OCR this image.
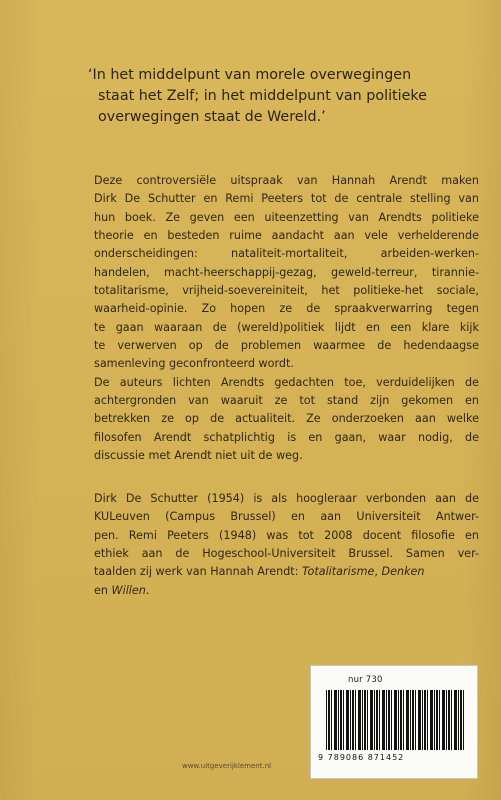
‘In het middelpunt van morele overwegingen
staat het Zelf; in het middelpunt van politieke
overwegingen staat de Wereld.’
Deze controversiële uitspraak van Hannah Arendt maken
Dirk De Schutter en Remi Peeters tot de centrale stelling van
hun boek. Ze geven een uiteenzetting van Arendts politieke
theorie en besteden ruime aandacht aan vele verhelderende
onderscheidingen: nataliteit-mortaliteit, arbeiden-werken-
handelen, macht-heerschappij-gezag, geweld-terreur, tirannie-
totalitarisme, vrijheid-soevereiniteit, het politieke-het sociale,
waarheid-opinie. Zo hopen ze de spraakverwarring tegen
te gaan waaraan de (wereld)politiek lijdt en een klare kijk
te verwerven op de problemen waarmee de hedendaagse
samenleving geconfronteerd wordt.
De auteurs lichten Arendts gedachten toe, verduidelijken de
achtergronden van waaruit ze tot stand zijn gekomen en
betrekken ze op de actualiteit. Ze onderzoeken aan welke
filosofen Arendt schatplichtig is en gaan, waar nodig, de
discussie met Arendt niet uit de weg.
Dirk De Schutter (1954) is als hoogleraar verbonden aan de
KULeuven (Campus Brussel) en aan Universiteit Antwer-
pen. Remi Peeters (1948) was tot 2008 docent filosofie en
ethiek aan de Hogeschool-Universiteit Brussel. Samen ver-
taalden zij werk van Hannah Arendt: Totalitarisme, Denken
en Willen.
nur 730
9 789086 871452
www.uitgeverijklement.nl
